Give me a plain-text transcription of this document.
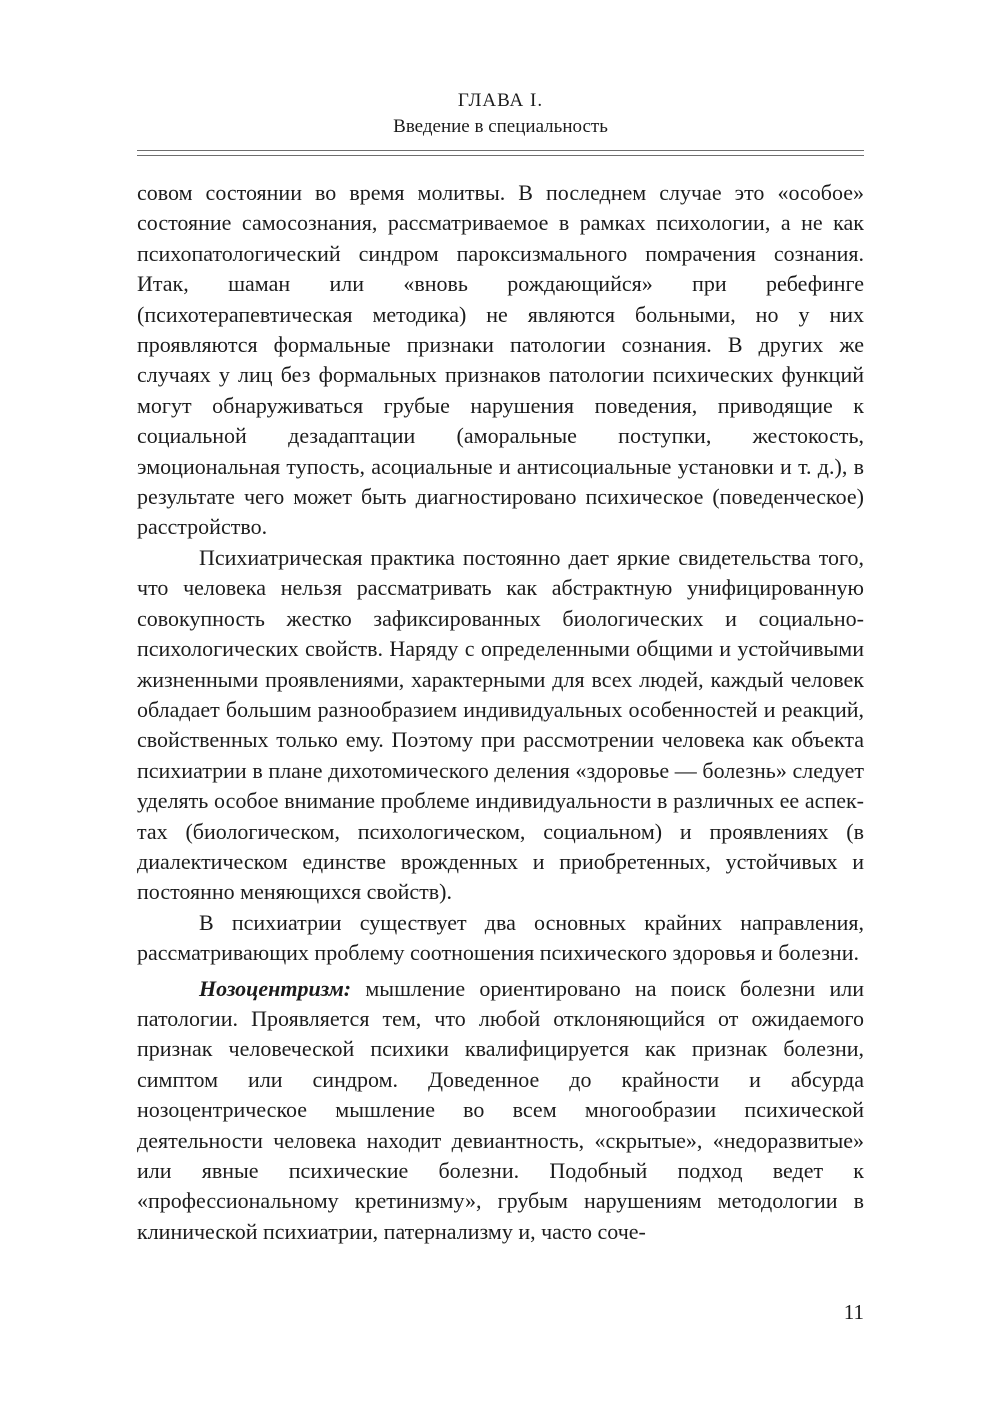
ГЛАВА I.
Введение в специальность

совом состоянии во время молитвы. В последнем случае это «особое» состояние самосознания, рассматриваемое в рамках психологии, а не как психопатологический синдром пароксизмального помрачения сознания. Итак, шаман или «вновь рождающийся» при ребефинге (психотерапевтическая методика) не являются больными, но у них проявляются формальные признаки патологии сознания. В других же случаях у лиц без формальных признаков патологии психических функций могут обнаруживаться грубые нарушения поведения, приводящие к социальной дезадаптации (аморальные поступки, жестокость, эмоциональная тупость, асоциальные и антисоциальные установки и т. д.), в результате чего может быть диагностировано психическое (поведенческое) расстройство.

Психиатрическая практика постоянно дает яркие свидетельства того, что человека нельзя рассматривать как абстрактную унифицированную совокупность жестко зафиксированных биологических и социально-психологических свойств. Наряду с определенными общими и устойчивыми жизненными проявлениями, характерными для всех людей, каждый человек обладает большим разнообразием индивидуальных особенностей и реакций, свойственных только ему. Поэтому при рассмотрении человека как объекта психиатрии в плане дихотомического деления «здоровье — болезнь» следует уделять особое внимание проблеме индивидуальности в различных ее аспектах (биологическом, психологическом, социальном) и проявлениях (в диалектическом единстве врожденных и приобретенных, устойчивых и постоянно меняющихся свойств).

В психиатрии существует два основных крайних направления, рассматривающих проблему соотношения психического здоровья и болезни.

Нозоцентризм: мышление ориентировано на поиск болезни или патологии. Проявляется тем, что любой отклоняющийся от ожидаемого признак человеческой психики квалифицируется как признак болезни, симптом или синдром. Доведенное до крайности и абсурда нозоцентрическое мышление во всем многообразии психической деятельности человека находит девиантность, «скрытые», «недоразвитые» или явные психические болезни. Подобный подход ведет к «профессиональному кретинизму», грубым нарушениям методологии в клинической психиатрии, патернализму и, часто соче-

11
